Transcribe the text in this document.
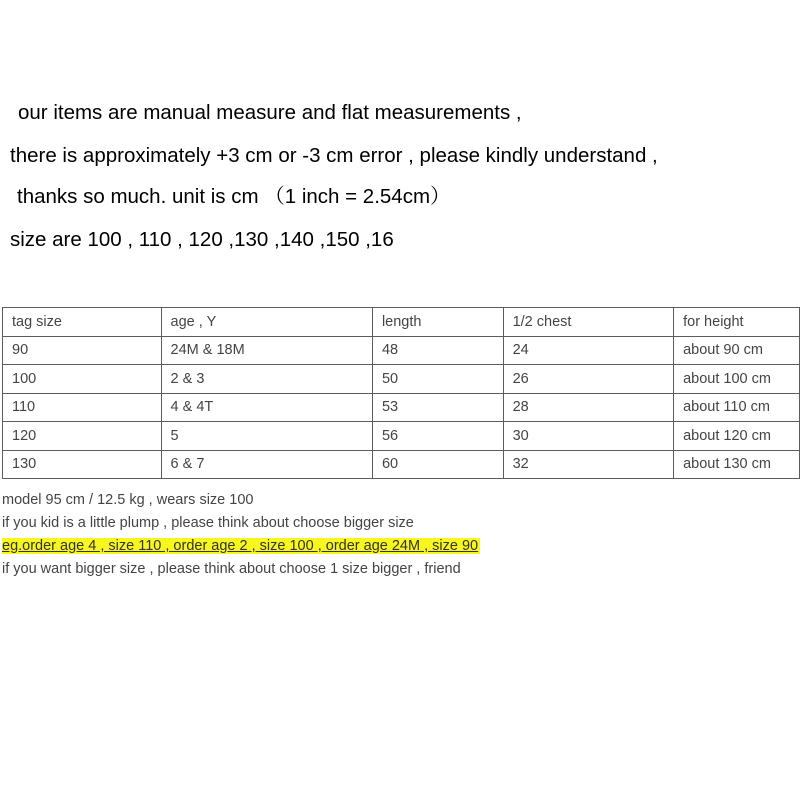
our items are manual measure and flat measurements ,
there is approximately +3 cm or -3 cm error , please kindly understand ,
thanks so much. unit is cm （1 inch = 2.54cm）
size are 100 , 110 , 120 ,130 ,140 ,150 ,16
tag size	age , Y	length	1/2 chest	for height
90	24M & 18M	48	24	about 90 cm
100	2 & 3	50	26	about 100 cm
110	4 & 4T	53	28	about 110 cm
120	5	56	30	about 120 cm
130	6 & 7	60	32	about 130 cm
model 95 cm / 12.5 kg , wears size 100
if you kid is a little plump , please think about choose bigger size
eg.order age 4 , size 110 , order age 2 , size 100 , order age 24M , size 90
if you want bigger size , please think about choose 1 size bigger , friend
